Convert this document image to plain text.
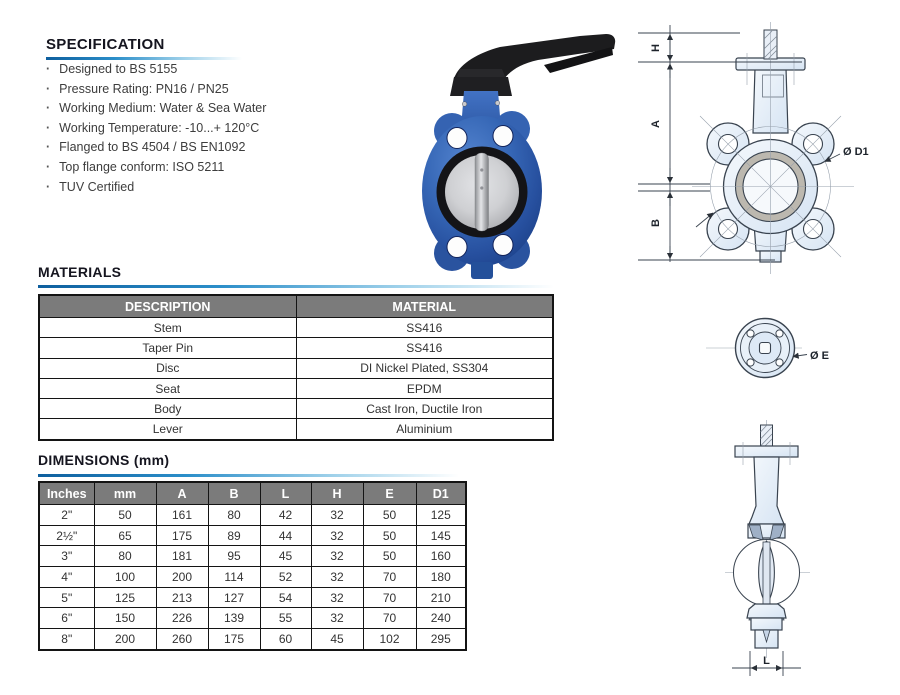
SPECIFICATION
· Designed to BS 5155
· Pressure Rating: PN16 / PN25
· Working Medium: Water & Sea Water
· Working Temperature: -10...+ 120°C
· Flanged to BS 4504 / BS EN1092
· Top flange conform: ISO 5211
· TUV Certified
H
A
B
Ø D1
MATERIALS
DESCRIPTION	MATERIAL
Stem	SS416
Taper Pin	SS416
Disc	DI Nickel Plated, SS304
Seat	EPDM
Body	Cast Iron, Ductile Iron
Lever	Aluminium
Ø E
DIMENSIONS (mm)
Inches	mm	A	B	L	H	E	D1
2"	50	161	80	42	32	50	125
2½"	65	175	89	44	32	50	145
3"	80	181	95	45	32	50	160
4"	100	200	114	52	32	70	180
5"	125	213	127	54	32	70	210
6"	150	226	139	55	32	70	240
8"	200	260	175	60	45	102	295
L
